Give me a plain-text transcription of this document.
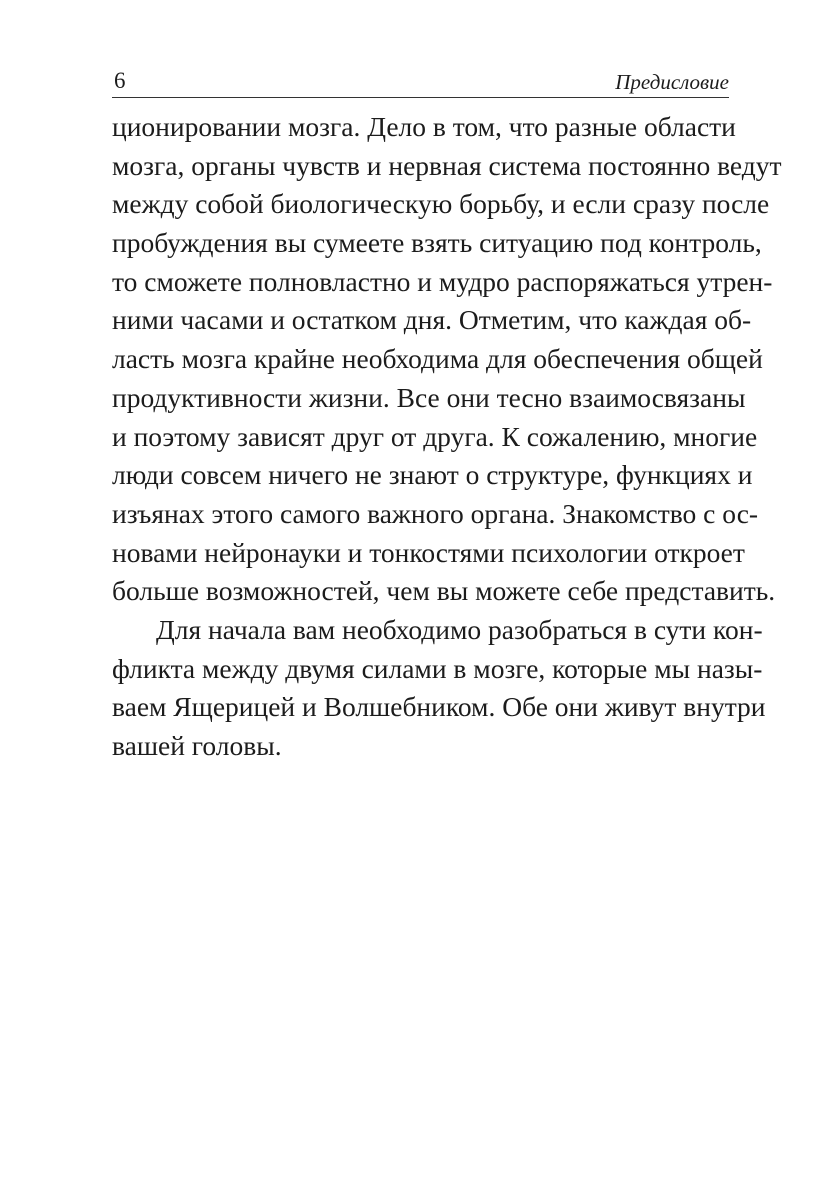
6	Предисловие
ционировании мозга. Дело в том, что разные области
мозга, органы чувств и нервная система постоянно ведут
между собой биологическую борьбу, и если сразу после
пробуждения вы сумеете взять ситуацию под контроль,
то сможете полновластно и мудро распоряжаться утрен-
ними часами и остатком дня. Отметим, что каждая об-
ласть мозга крайне необходима для обеспечения общей
продуктивности жизни. Все они тесно взаимосвязаны
и поэтому зависят друг от друга. К сожалению, многие
люди совсем ничего не знают о структуре, функциях и
изъянах этого самого важного органа. Знакомство с ос-
новами нейронауки и тонкостями психологии откроет
больше возможностей, чем вы можете себе представить.
Для начала вам необходимо разобраться в сути кон-
фликта между двумя силами в мозге, которые мы назы-
ваем Ящерицей и Волшебником. Обе они живут внутри
вашей головы.
